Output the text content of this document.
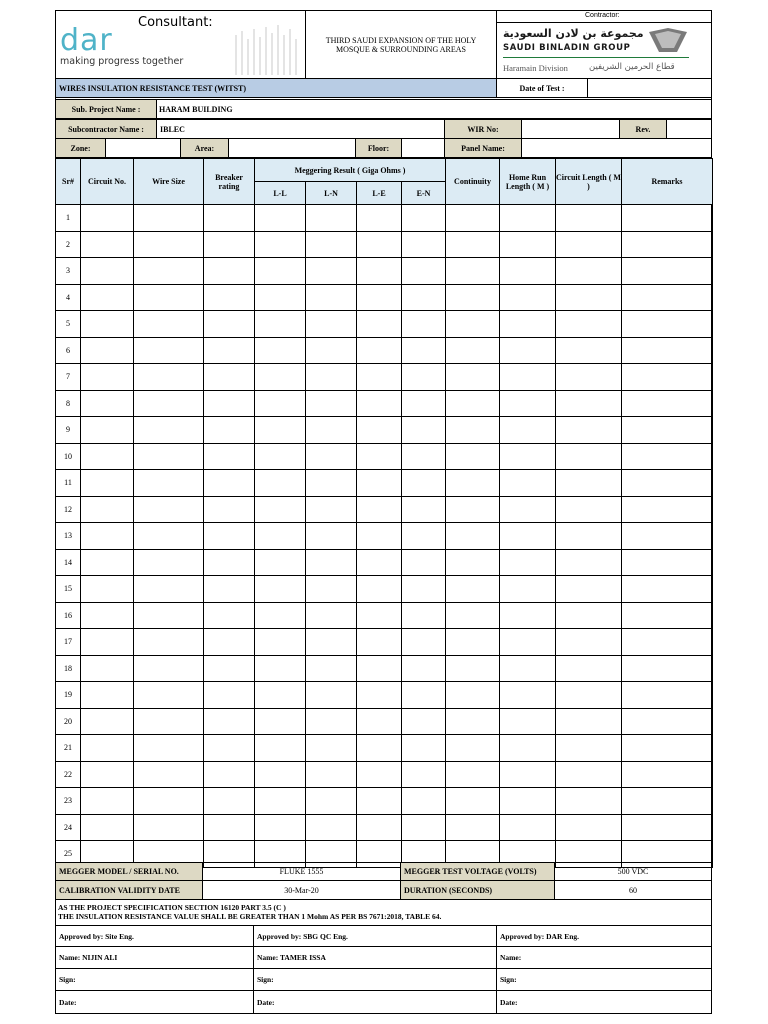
Consultant:
dar
making progress together
THIRD SAUDI EXPANSION OF THE HOLY
MOSQUE & SURROUNDING AREAS
Contractor:
مجموعة بن لادن السعودية
SAUDI BINLADIN GROUP
Haramain Division قطاع الحرمين الشريفين
WIRES INSULATION RESISTANCE TEST (WITST)	Date of Test :
Sub. Project Name :	HARAM BUILDING
Subcontractor Name :	IBLEC	WIR No:	Rev.
Zone:	Area:	Floor:	Panel Name:
Sr#	Circuit No.	Wire Size	Breaker rating	Meggering Result ( Giga Ohms )				Continuity	Home Run Length ( M )	Circuit Length ( M )	Remarks
				L-L	L-N	L-E	E-N				
1											
2											
3											
4											
5											
6											
7											
8											
9											
10											
11											
12											
13											
14											
15											
16											
17											
18											
19											
20											
21											
22											
23											
24											
25											
MEGGER MODEL / SERIAL NO.	FLUKE 1555	MEGGER TEST VOLTAGE (VOLTS)	500 VDC
CALIBRATION VALIDITY DATE	30-Mar-20	DURATION (SECONDS)	60
AS THE PROJECT SPECIFICATION SECTION 16120 PART 3.5 (C )
THE INSULATION RESISTANCE VALUE SHALL BE GREATER THAN 1 Mohm AS PER BS 7671:2018, TABLE 64.
Approved by: Site Eng.	Approved by: SBG QC Eng.	Approved by: DAR Eng.
Name: NIJIN ALI	Name: TAMER ISSA	Name:
Sign:	Sign:	Sign:
Date:	Date:	Date:
